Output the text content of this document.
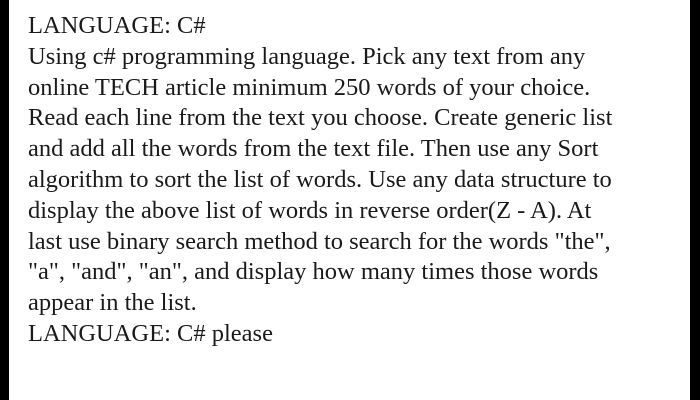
LANGUAGE: C#
Using c# programming language. Pick any text from any
online TECH article minimum 250 words of your choice.
Read each line from the text you choose. Create generic list
and add all the words from the text file. Then use any Sort
algorithm to sort the list of words. Use any data structure to
display the above list of words in reverse order(Z - A). At
last use binary search method to search for the words "the",
"a", "and", "an", and display how many times those words
appear in the list.
LANGUAGE: C# please
